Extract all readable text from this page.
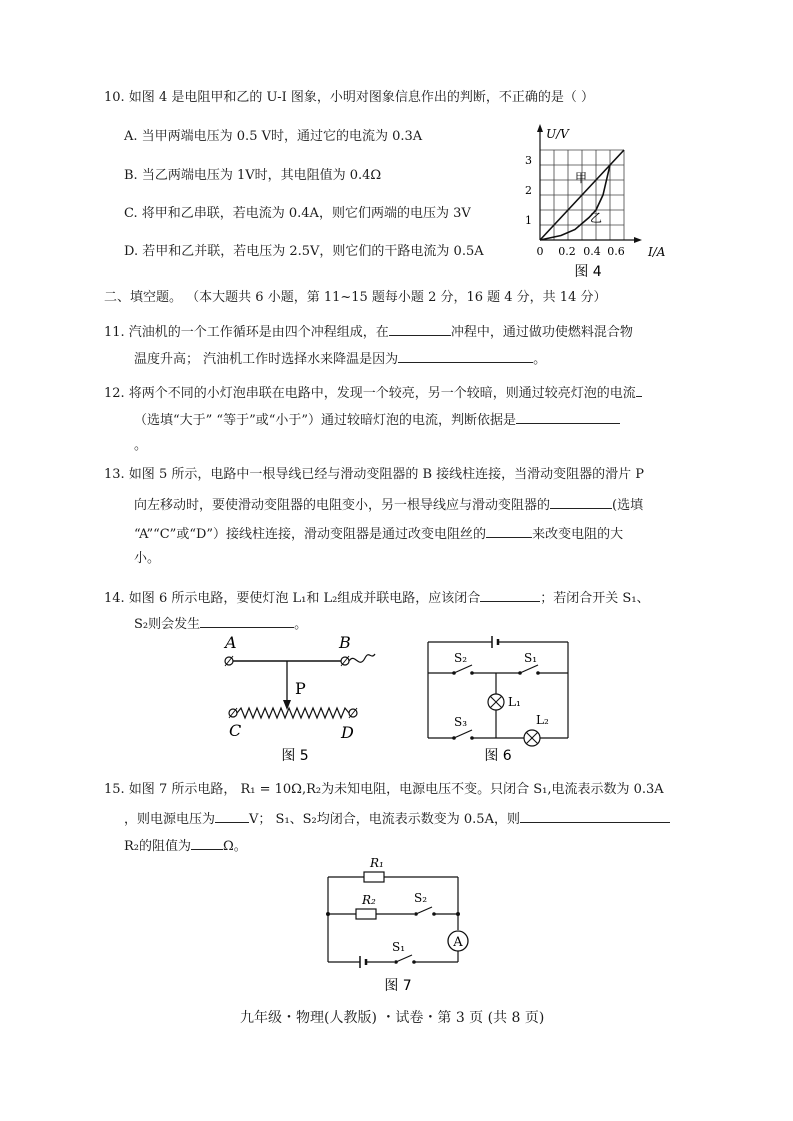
10. 如图 4 是电阻甲和乙的 U-I 图象，小明对图象信息作出的判断，不正确的是（ ）
A. 当甲两端电压为 0.5 V时，通过它的电流为 0.3A
B. 当乙两端电压为 1V时，其电阻值为 0.4Ω
C. 将甲和乙串联，若电流为 0.4A，则它们两端的电压为 3V
D. 若甲和乙并联，若电压为 2.5V，则它们的干路电流为 0.5A
U/V
I/A
1
2
3
0 0.2 0.4 0.6
甲
乙
图 4
二、填空题。 （本大题共 6 小题，第 11~15 题每小题 2 分，16 题 4 分，共 14 分）
11. 汽油机的一个工作循环是由四个冲程组成，在	冲程中，通过做功使燃料混合物
温度升高； 汽油机工作时选择水来降温是因为	。
12. 将两个不同的小灯泡串联在电路中，发现一个较亮，另一个较暗，则通过较亮灯泡的电流
（选填“大于” “等于”或“小于”）通过较暗灯泡的电流，判断依据是
。
13. 如图 5 所示，电路中一根导线已经与滑动变阻器的 B 接线柱连接，当滑动变阻器的滑片 P
向左移动时，要使滑动变阻器的电阻变小，另一根导线应与滑动变阻器的	(选填
“A”“C”或“D”）接线柱连接，滑动变阻器是通过改变电阻丝的	来改变电阻的大
小。
14. 如图 6 所示电路，要使灯泡 L₁和 L₂组成并联电路，应该闭合	；若闭合开关 S₁、
S₂则会发生	。
A	B
P
C	D
图 5
S₂	S₁
L₁
S₃	L₂
图 6
15. 如图 7 所示电路， R₁ = 10Ω,R₂为未知电阻，电源电压不变。只闭合 S₁,电流表示数为 0.3A
，则电源电压为	V； S₁、S₂均闭合，电流表示数变为 0.5A，则
R₂的阻值为 Ω。
R₁
R₂	S₂
A
S₁
图 7
九年级・物理(人教版) ・试卷・第 3 页 (共 8 页)
